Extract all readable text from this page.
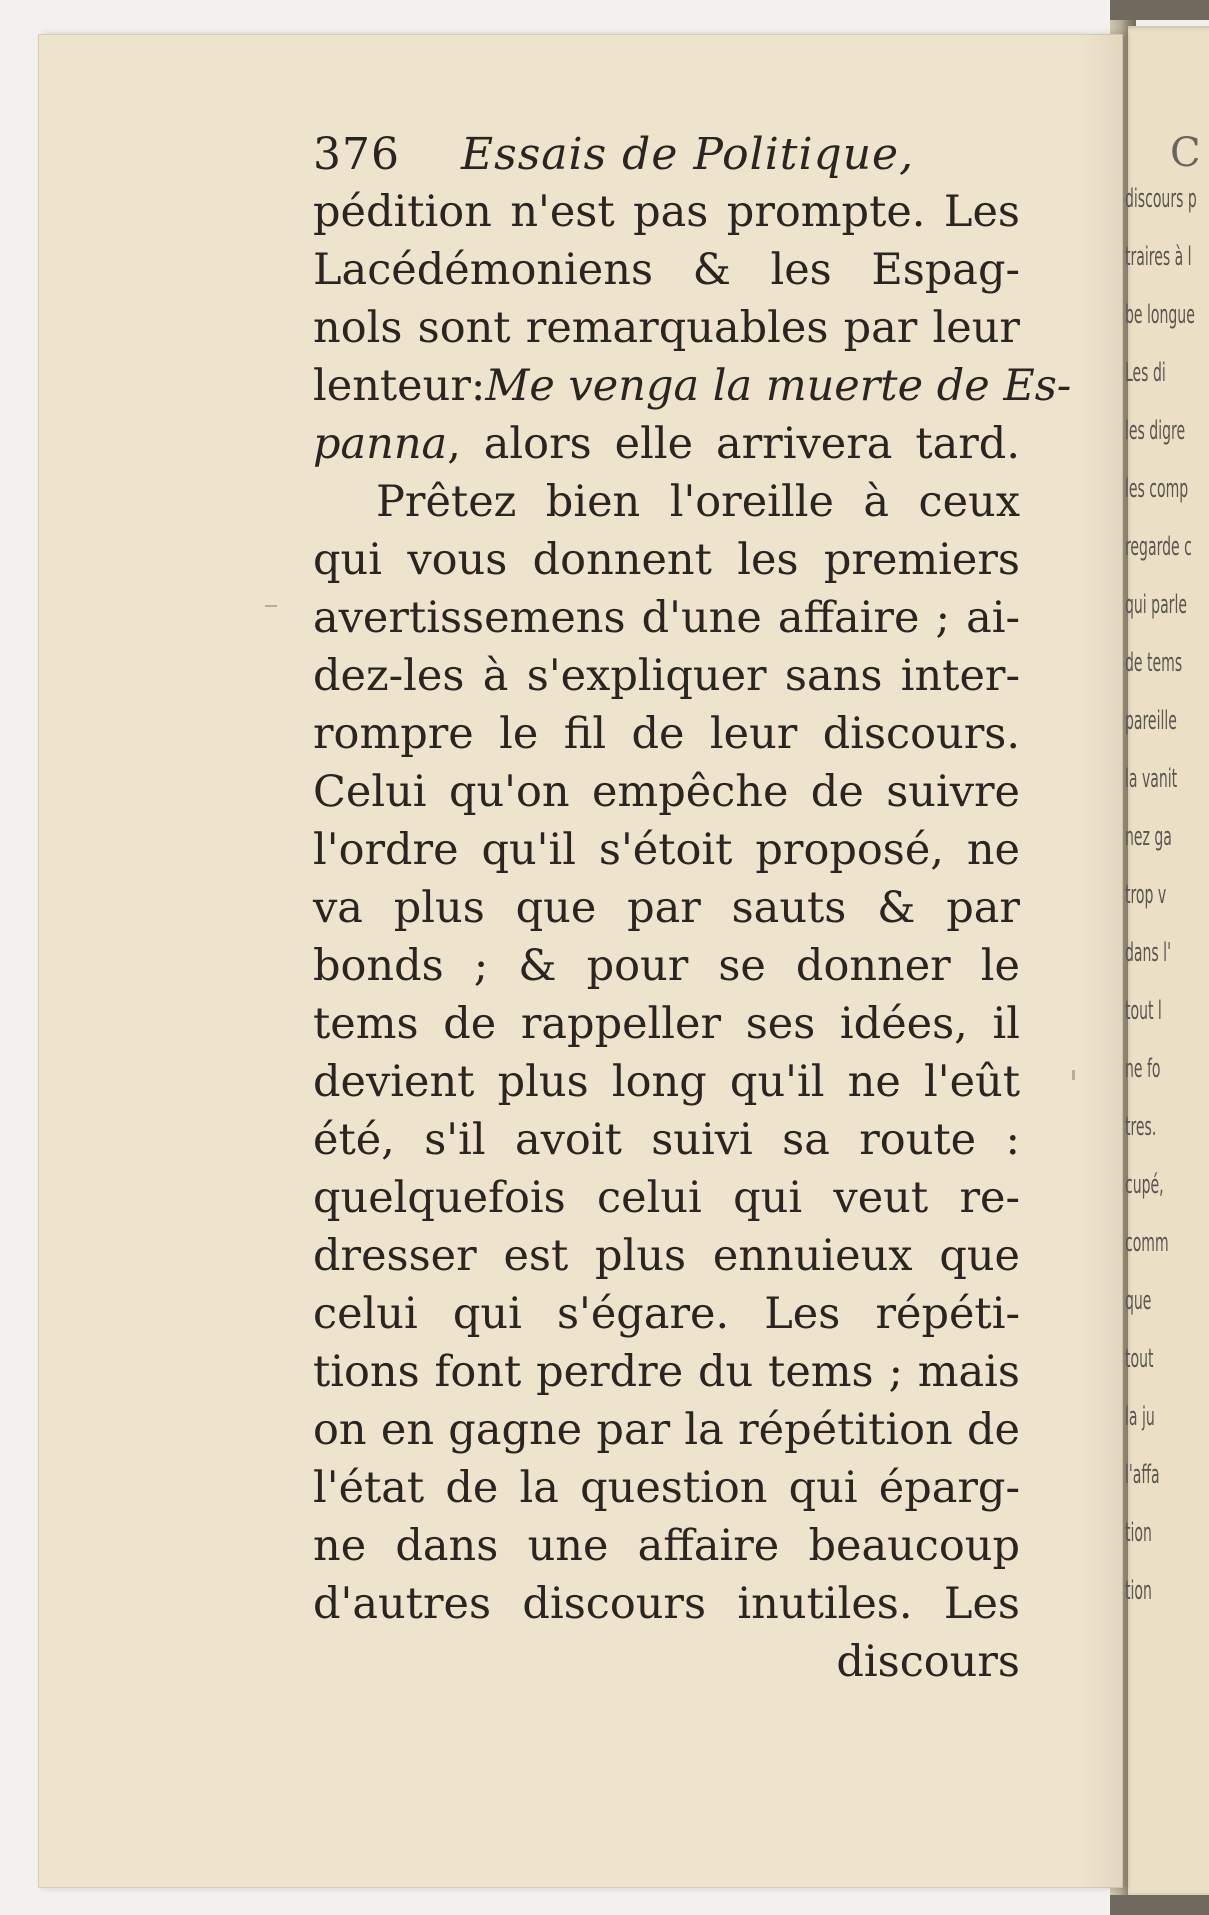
376 Essais de Politique,
pédition n'est pas prompte. Les
Lacédémoniens & les Espag-
nols sont remarquables par leur
lenteur:Me venga la muerte de Es-
panna, alors elle arrivera tard.
Prêtez bien l'oreille à ceux
qui vous donnent les premiers
avertissemens d'une affaire ; ai-
dez-les à s'expliquer sans inter-
rompre le fil de leur discours.
Celui qu'on empêche de suivre
l'ordre qu'il s'étoit proposé, ne
va plus que par sauts & par
bonds ; & pour se donner le
tems de rappeller ses idées, il
devient plus long qu'il ne l'eût
été, s'il avoit suivi sa route :
quelquefois celui qui veut re-
dresser est plus ennuieux que
celui qui s'égare. Les répéti-
tions font perdre du tems ; mais
on en gagne par la répétition de
l'état de la question qui éparg-
ne dans une affaire beaucoup
d'autres discours inutiles. Les
discours
C
discours p
traires à l
be longue
Les di
les digre
les comp
regarde c
qui parle
de tems
pareille
la vanit
nez ga
trop v
dans l'
tout l
ne fo
tres.
cupé,
comm
que
tout
la ju
l'affa
tion
tion
